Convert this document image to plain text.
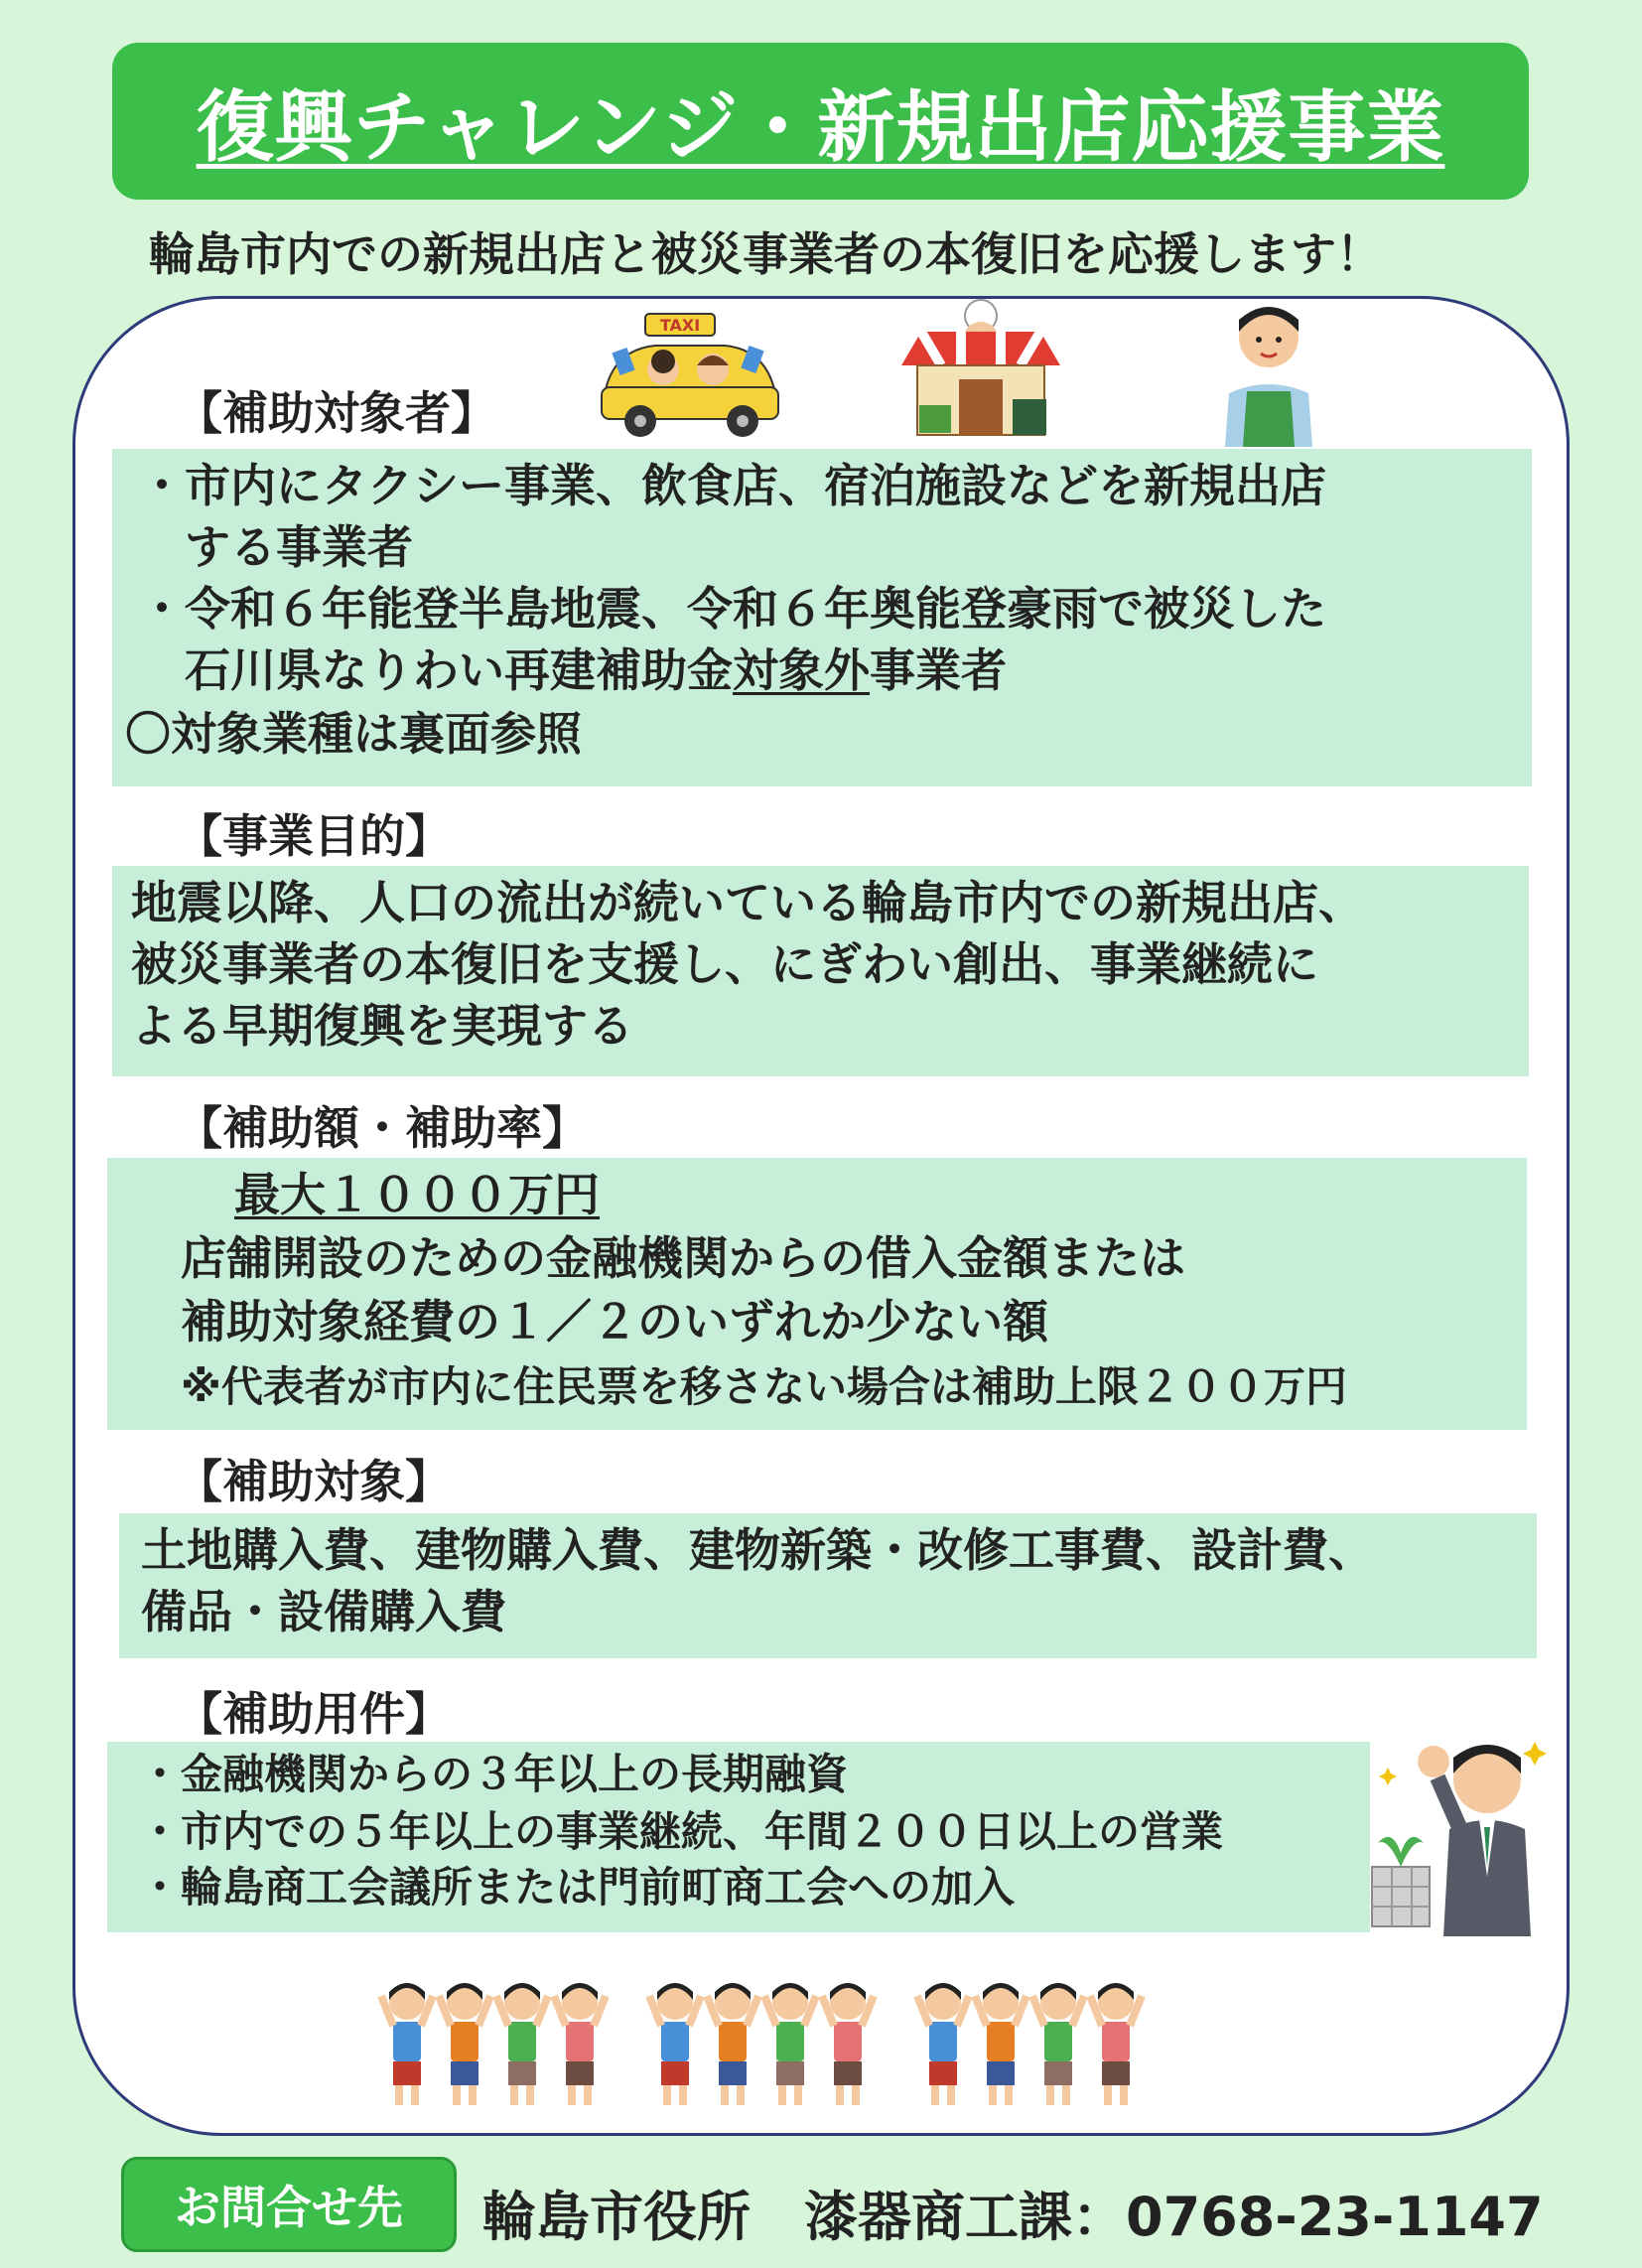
復興チャレンジ・新規出店応援事業
輪島市内での新規出店と被災事業者の本復旧を応援します！
TAXI
【補助対象者】
・市内にタクシー事業、飲食店、宿泊施設などを新規出店
する事業者
・令和６年能登半島地震、令和６年奥能登豪雨で被災した
石川県なりわい再建補助金対象外事業者
〇対象業種は裏面参照
【事業目的】
地震以降、人口の流出が続いている輪島市内での新規出店、
被災事業者の本復旧を支援し、にぎわい創出、事業継続に
よる早期復興を実現する
【補助額・補助率】
最大１０００万円
店舗開設のための金融機関からの借入金額または
補助対象経費の１／２のいずれか少ない額
※代表者が市内に住民票を移さない場合は補助上限２００万円
【補助対象】
土地購入費、建物購入費、建物新築・改修工事費、設計費、
備品・設備購入費
【補助用件】
・金融機関からの３年以上の長期融資
・市内での５年以上の事業継続、年間２００日以上の営業
・輪島商工会議所または門前町商工会への加入
お問合せ先	輪島市役所　漆器商工課：0768-23-1147
